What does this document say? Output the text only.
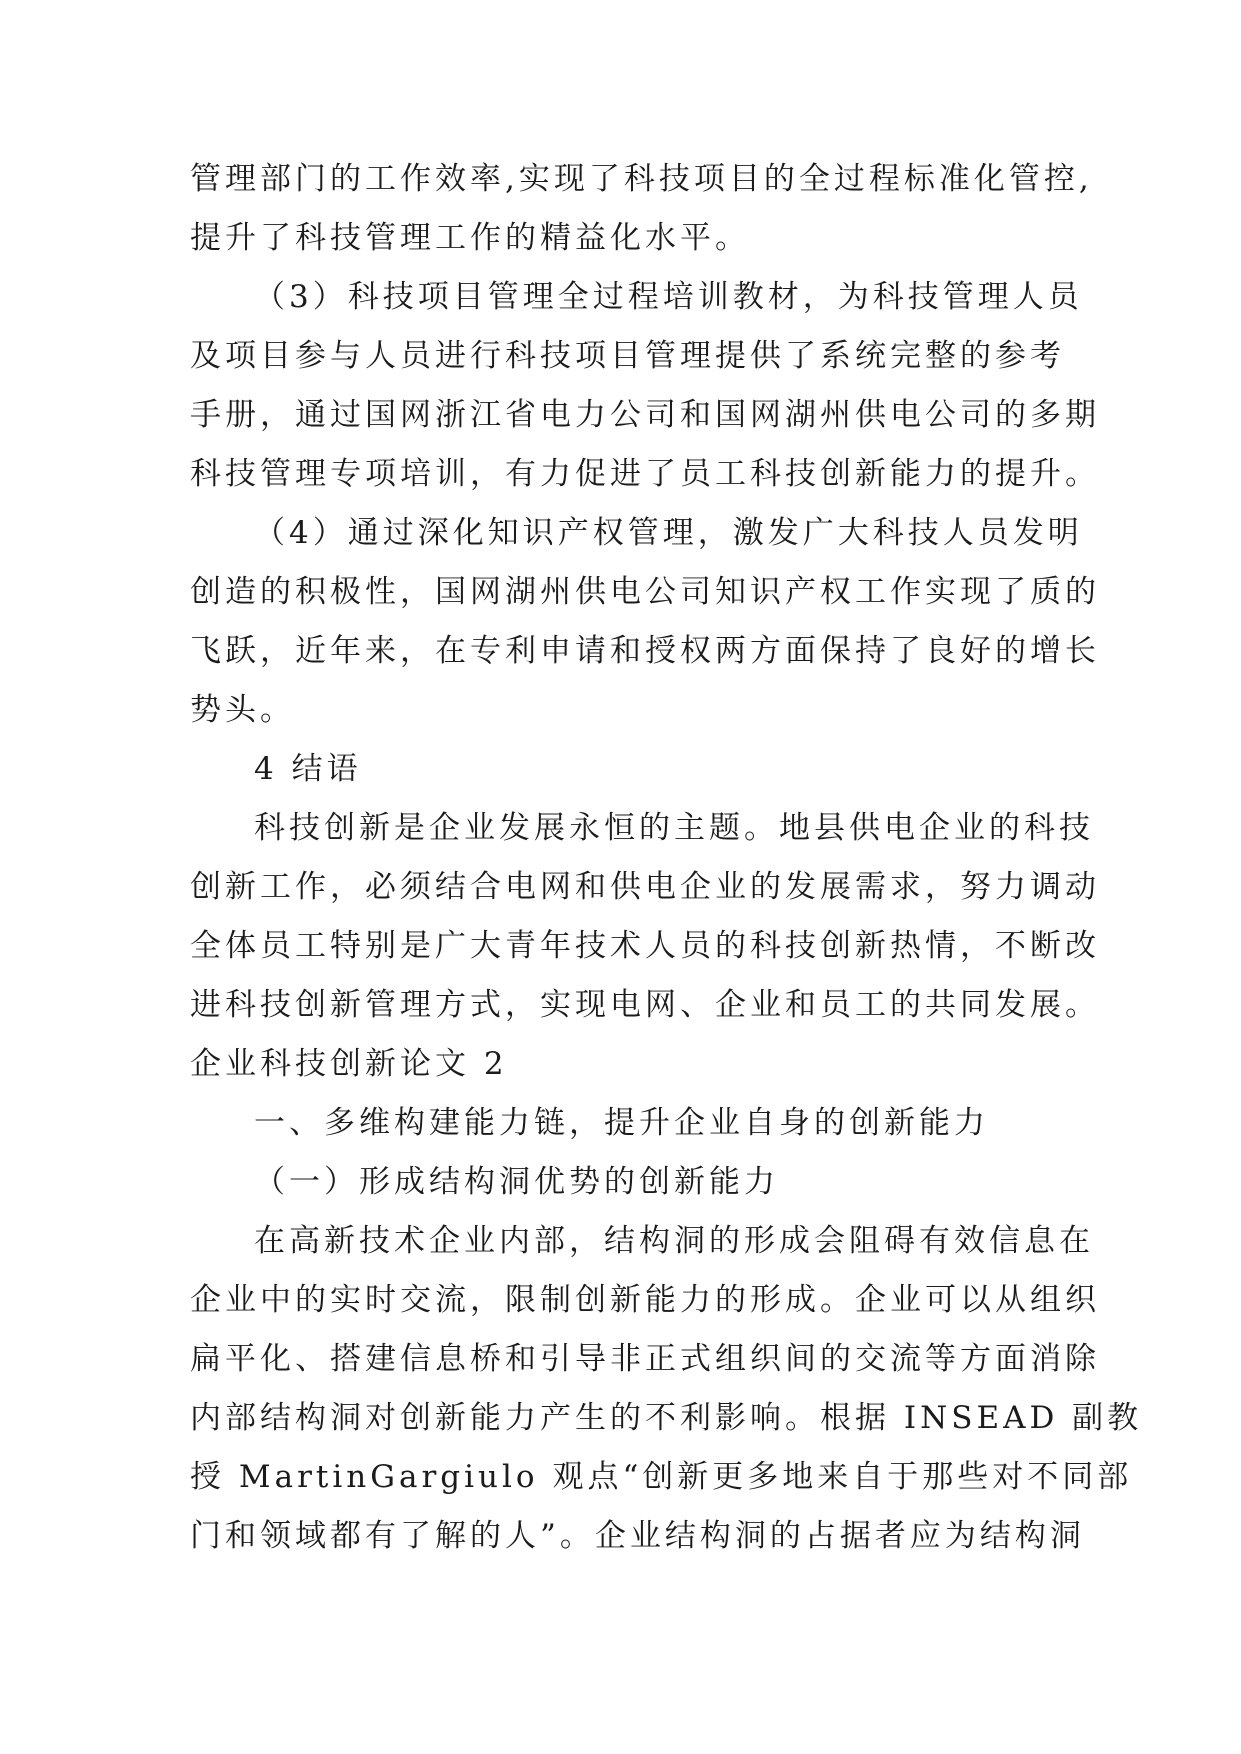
管理部门的工作效率,实现了科技项目的全过程标准化管控,
提升了科技管理工作的精益化水平。
（3）科技项目管理全过程培训教材，为科技管理人员
及项目参与人员进行科技项目管理提供了系统完整的参考
手册，通过国网浙江省电力公司和国网湖州供电公司的多期
科技管理专项培训，有力促进了员工科技创新能力的提升。
（4）通过深化知识产权管理，激发广大科技人员发明
创造的积极性，国网湖州供电公司知识产权工作实现了质的
飞跃，近年来，在专利申请和授权两方面保持了良好的增长
势头。
4 结语
科技创新是企业发展永恒的主题。地县供电企业的科技
创新工作，必须结合电网和供电企业的发展需求，努力调动
全体员工特别是广大青年技术人员的科技创新热情，不断改
进科技创新管理方式，实现电网、企业和员工的共同发展。
企业科技创新论文 2
一、多维构建能力链，提升企业自身的创新能力
（一）形成结构洞优势的创新能力
在高新技术企业内部，结构洞的形成会阻碍有效信息在
企业中的实时交流，限制创新能力的形成。企业可以从组织
扁平化、搭建信息桥和引导非正式组织间的交流等方面消除
内部结构洞对创新能力产生的不利影响。根据 INSEAD 副教
授 MartinGargiulo 观点“创新更多地来自于那些对不同部
门和领域都有了解的人”。企业结构洞的占据者应为结构洞
